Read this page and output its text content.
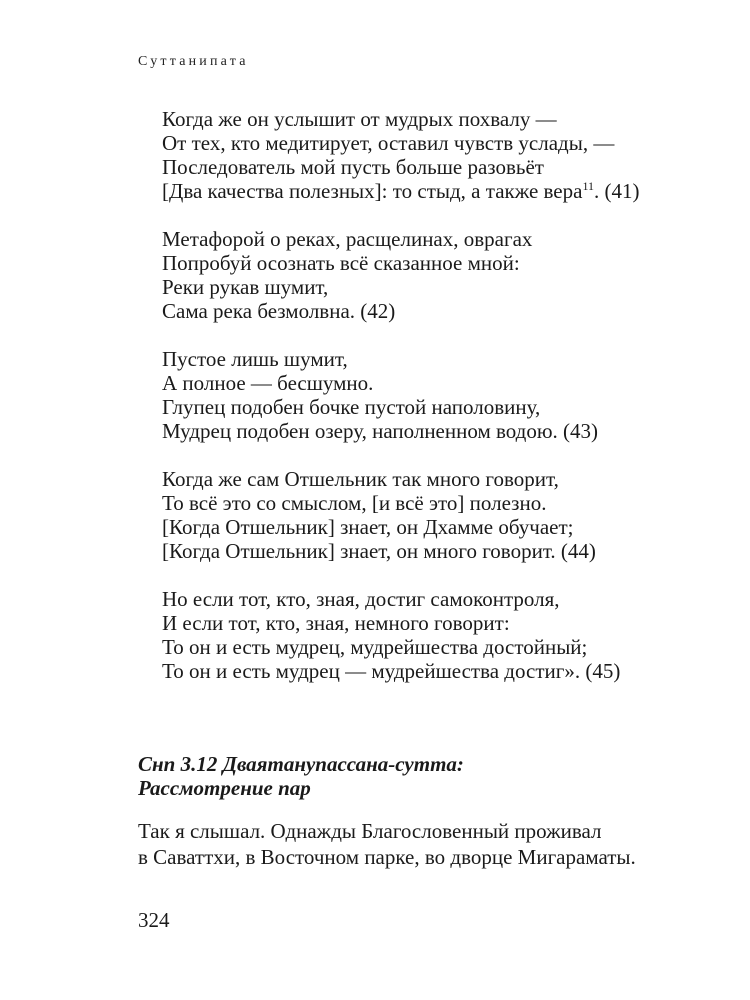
Суттанипата
Когда же он услышит от мудрых похвалу —
От тех, кто медитирует, оставил чувств услады, —
Последователь мой пусть больше разовьёт
[Два качества полезных]: то стыд, а также вера$^{11}$. (41)
Метафорой о реках, расщелинах, оврагах
Попробуй осознать всё сказанное мной:
Реки рукав шумит,
Сама река безмолвна. (42)
Пустое лишь шумит,
А полное — бесшумно.
Глупец подобен бочке пустой наполовину,
Мудрец подобен озеру, наполненном водою. (43)
Когда же сам Отшельник так много говорит,
То всё это со смыслом, [и всё это] полезно.
[Когда Отшельник] знает, он Дхамме обучает;
[Когда Отшельник] знает, он много говорит. (44)
Но если тот, кто, зная, достиг самоконтроля,
И если тот, кто, зная, немного говорит:
То он и есть мудрец, мудрейшества достойный;
То он и есть мудрец — мудрейшества достиг». (45)
Снп 3.12 Дваятанупассана-сутта:
Рассмотрение пар
Так я слышал. Однажды Благословенный проживал
в Саваттхи, в Восточном парке, во дворце Мигараматы.
324
